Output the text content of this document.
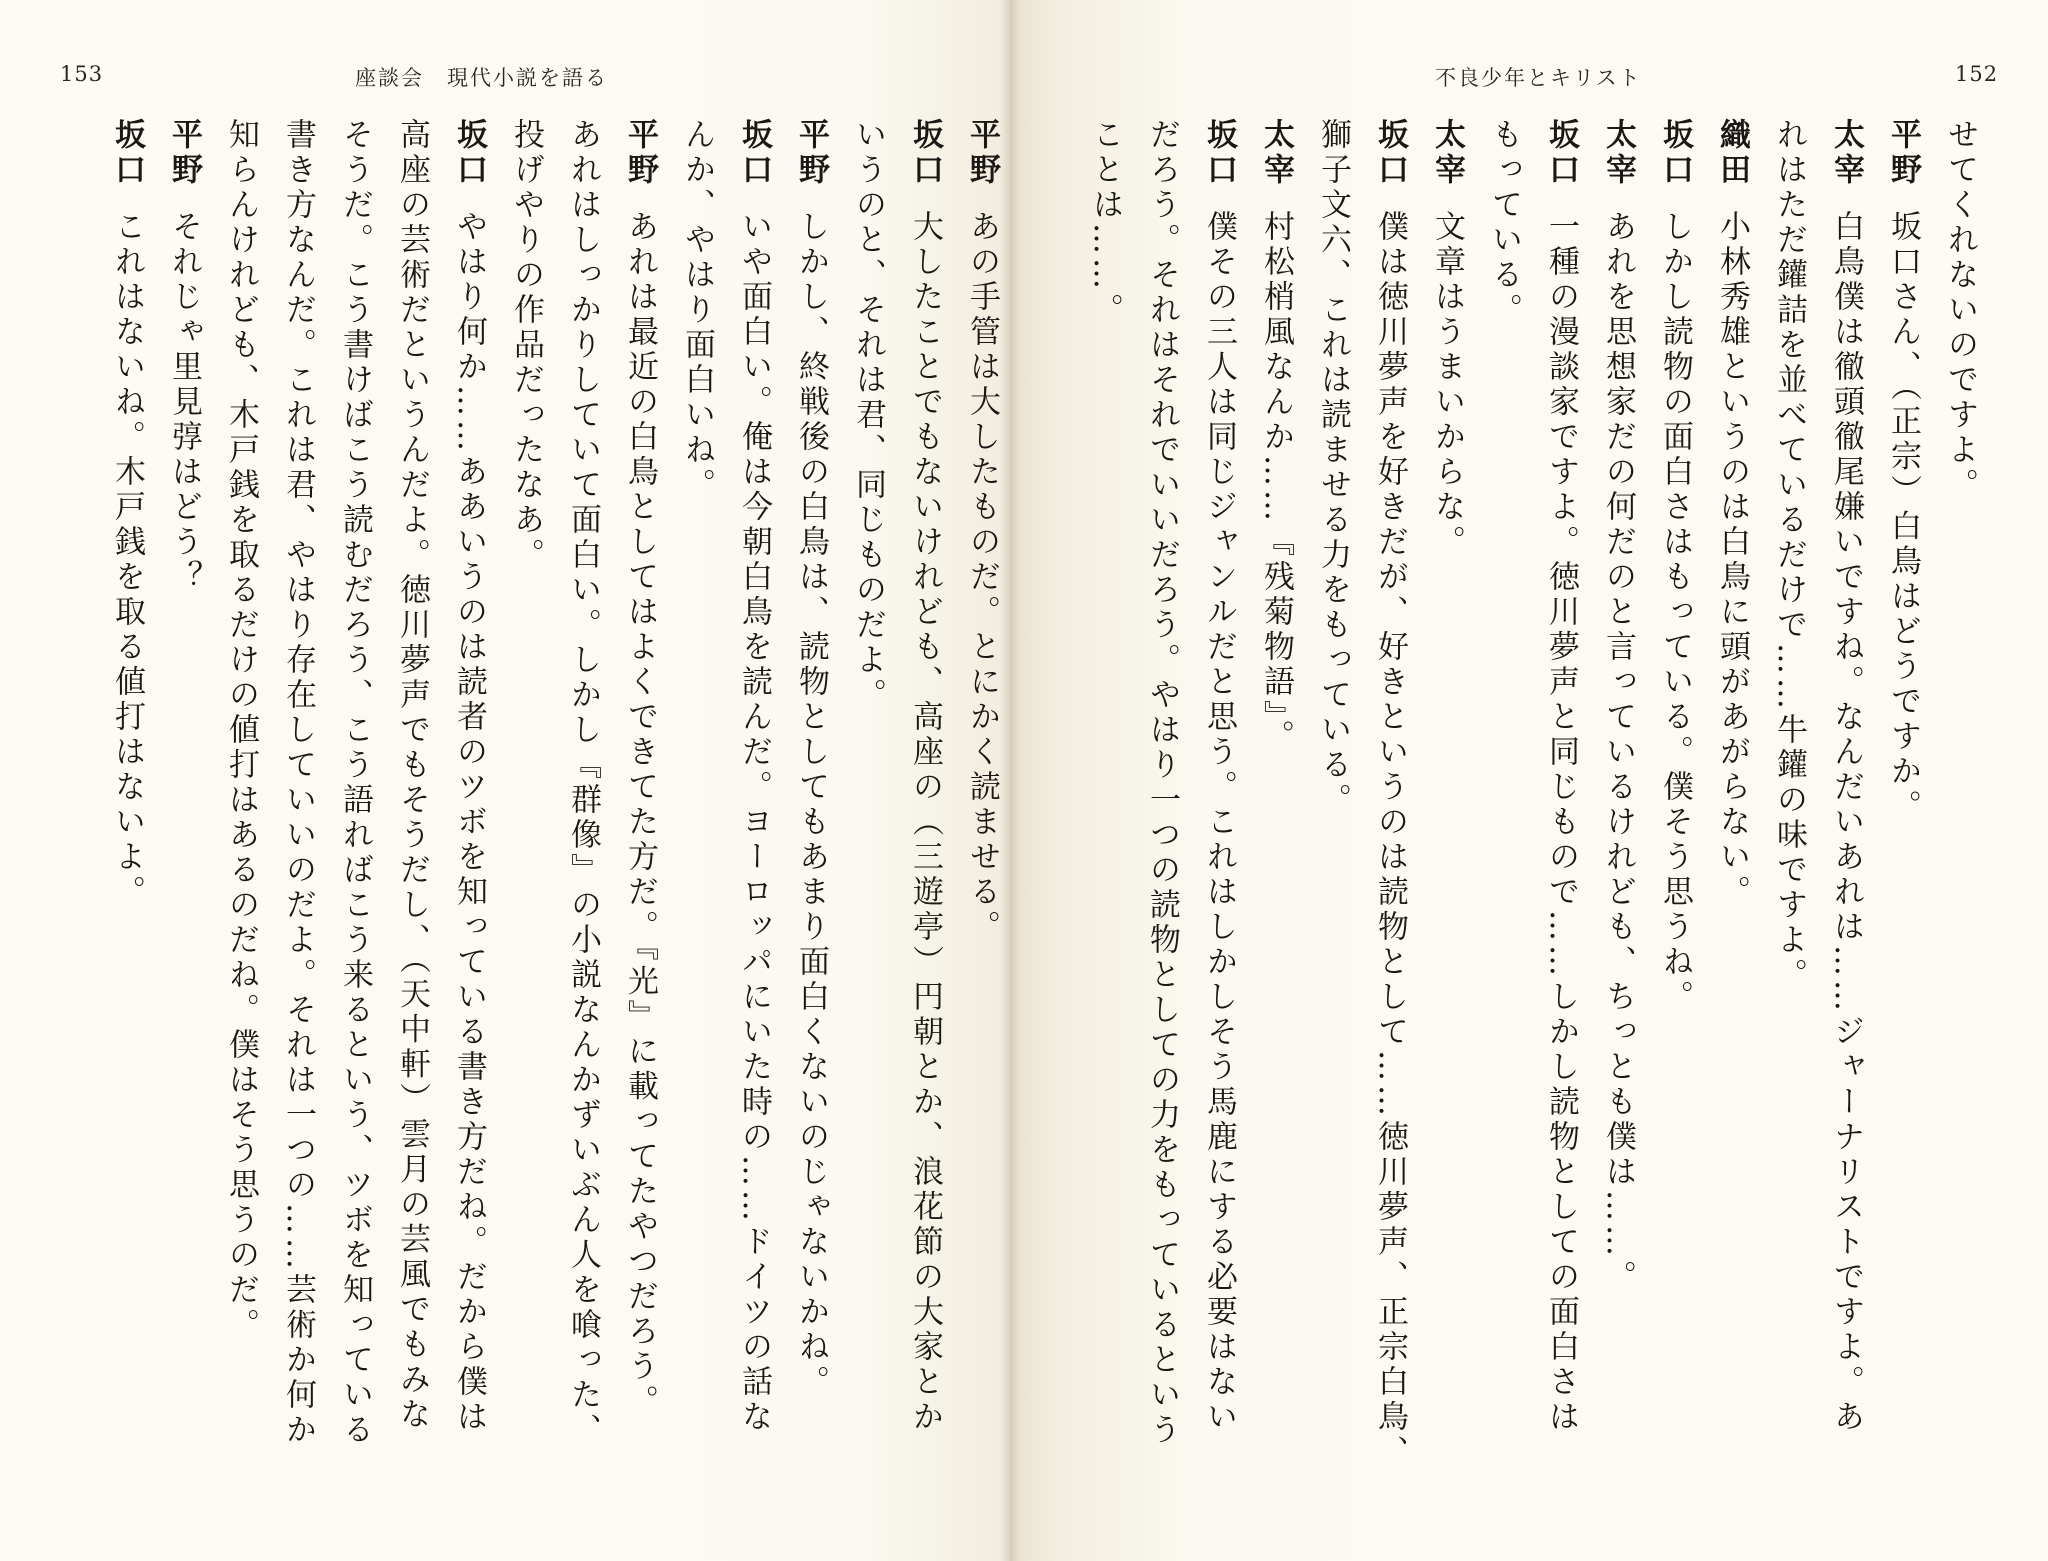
153	座談会　現代小説を語る
平野あの手管は大したものだ。とにかく読ませる。
坂口大したことでもないけれども、高座の（三遊亭）円朝とか、浪花節の大家とか
いうのと、それは君、同じものだよ。
平野しかし、終戦後の白鳥は、読物としてもあまり面白くないのじゃないかね。
坂口いや面白い。俺は今朝白鳥を読んだ。ヨーロッパにいた時の……ドイツの話な
んか、やはり面白いね。
平野あれは最近の白鳥としてはよくできてた方だ。『光』に載ってたやつだろう。
あれはしっかりしていて面白い。しかし『群像』の小説なんかずいぶん人を喰った、
投げやりの作品だったなあ。
坂口やはり何か……ああいうのは読者のツボを知っている書き方だね。だから僕は
高座の芸術だというんだよ。徳川夢声でもそうだし、（天中軒）雲月の芸風でもみな
そうだ。こう書けばこう読むだろう、こう語ればこう来るという、ツボを知っている
書き方なんだ。これは君、やはり存在していいのだよ。それは一つの……芸術か何か
知らんけれども、木戸銭を取るだけの値打はあるのだね。僕はそう思うのだ。
平野それじゃ里見弴はどう？
坂口これはないね。木戸銭を取る値打はないよ。
不良少年とキリスト	152
せてくれないのですよ。
平野坂口さん、（正宗）白鳥はどうですか。
太宰白鳥僕は徹頭徹尾嫌いですね。なんだいあれは……ジャーナリストですよ。あ
れはただ鑵詰を並べているだけで……牛鑵の味ですよ。
織田小林秀雄というのは白鳥に頭があがらない。
坂口しかし読物の面白さはもっている。僕そう思うね。
太宰あれを思想家だの何だのと言っているけれども、ちっとも僕は……。
坂口一種の漫談家ですよ。徳川夢声と同じもので……しかし読物としての面白さは
もっている。
太宰文章はうまいからな。
坂口僕は徳川夢声を好きだが、好きというのは読物として……徳川夢声、正宗白鳥、
獅子文六、これは読ませる力をもっている。
太宰村松梢風なんか……『残菊物語』。
坂口僕その三人は同じジャンルだと思う。これはしかしそう馬鹿にする必要はない
だろう。それはそれでいいだろう。やはり一つの読物としての力をもっているという
ことは……。
